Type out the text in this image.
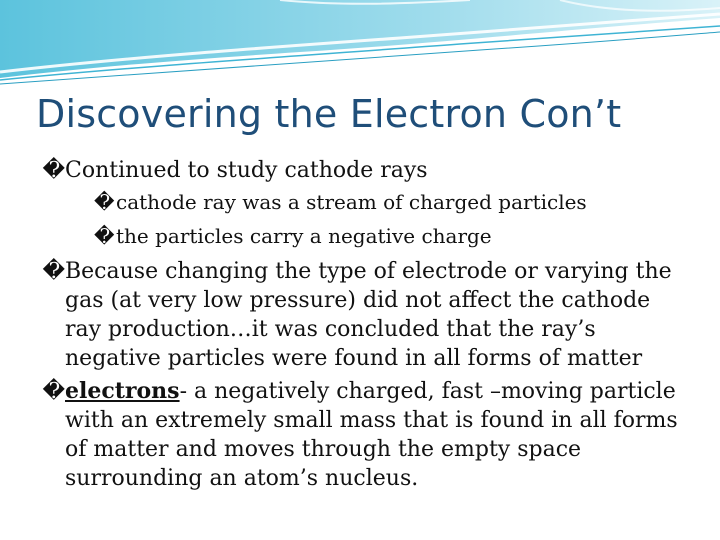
Discovering the Electron Con’t
� Continued to study cathode rays
� cathode ray was a stream of charged particles
� the particles carry a negative charge
� Because changing the type of electrode or varying the gas (at very low pressure) did not affect the cathode ray production…it was concluded that the ray’s negative particles were found in all forms of matter
� electrons- a negatively charged, fast –moving particle with an extremely small mass that is found in all forms of matter and moves through the empty space surrounding an atom’s nucleus.
